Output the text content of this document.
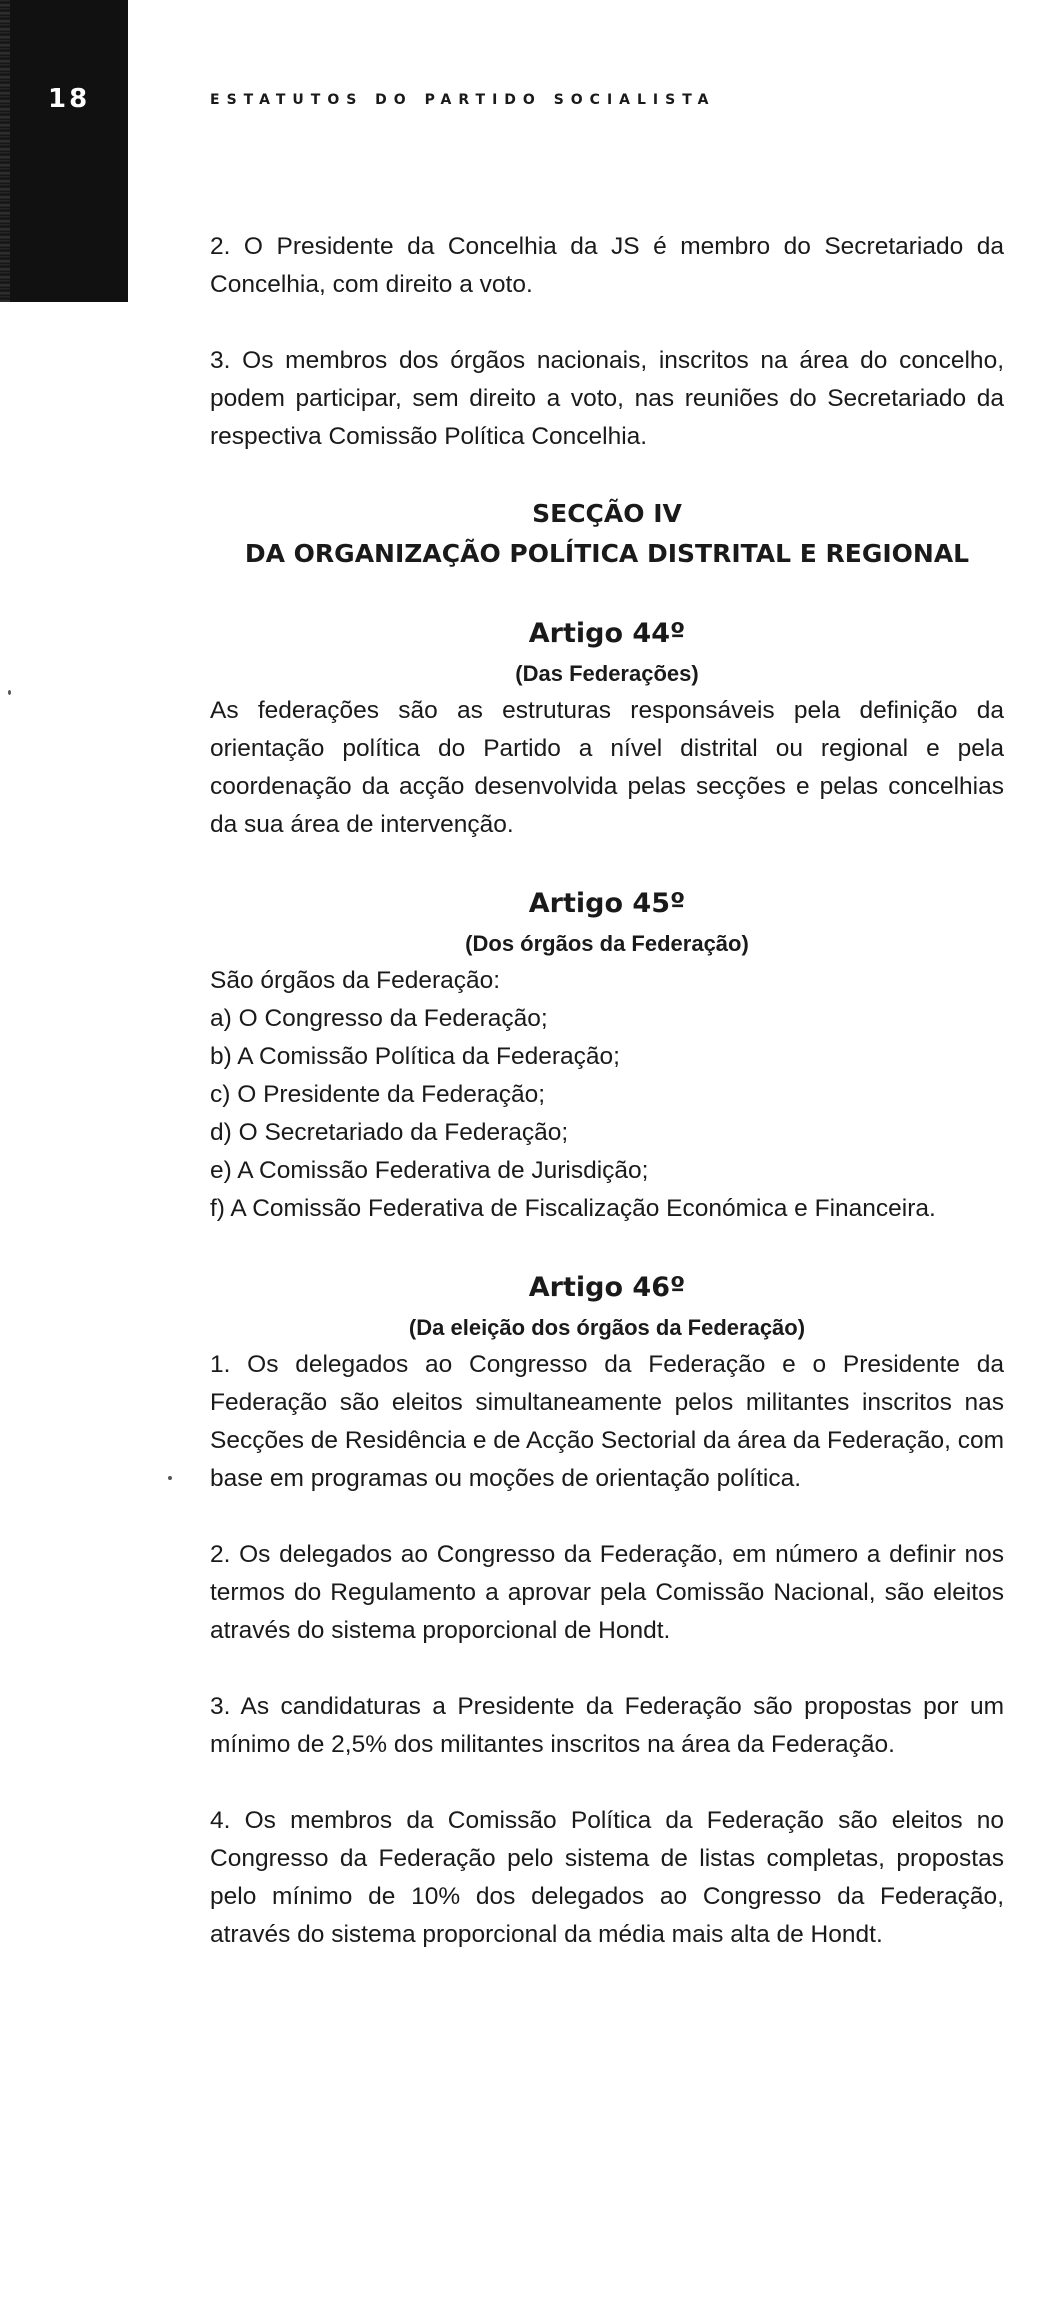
18	ESTATUTOS DO PARTIDO SOCIALISTA

2. O Presidente da Concelhia da JS é membro do Secretariado da Concelhia, com direito a voto.

3. Os membros dos órgãos nacionais, inscritos na área do concelho, podem participar, sem direito a voto, nas reuniões do Secretariado da respectiva Comissão Política Concelhia.

SECÇÃO IV
DA ORGANIZAÇÃO POLÍTICA DISTRITAL E REGIONAL
Artigo 44º
(Das Federações)

As federações são as estruturas responsáveis pela definição da orientação política do Partido a nível distrital ou regional e pela coordenação da acção desenvolvida pelas secções e pelas concelhias da sua área de intervenção.

Artigo 45º
(Dos órgãos da Federação)
São órgãos da Federação:
a) O Congresso da Federação;
b) A Comissão Política da Federação;
c) O Presidente da Federação;
d) O Secretariado da Federação;
e) A Comissão Federativa de Jurisdição;
f) A Comissão Federativa de Fiscalização Económica e Financeira.
Artigo 46º
(Da eleição dos órgãos da Federação)

1. Os delegados ao Congresso da Federação e o Presidente da Federação são eleitos simultaneamente pelos militantes inscritos nas Secções de Residência e de Acção Sectorial da área da Federação, com base em programas ou moções de orientação política.

2. Os delegados ao Congresso da Federação, em número a definir nos termos do Regulamento a aprovar pela Comissão Nacional, são eleitos através do sistema proporcional de Hondt.

3. As candidaturas a Presidente da Federação são propostas por um mínimo de 2,5% dos militantes inscritos na área da Federação.

4. Os membros da Comissão Política da Federação são eleitos no Congresso da Federação pelo sistema de listas completas, propostas pelo mínimo de 10% dos delegados ao Congresso da Federação, através do sistema proporcional da média mais alta de Hondt.
